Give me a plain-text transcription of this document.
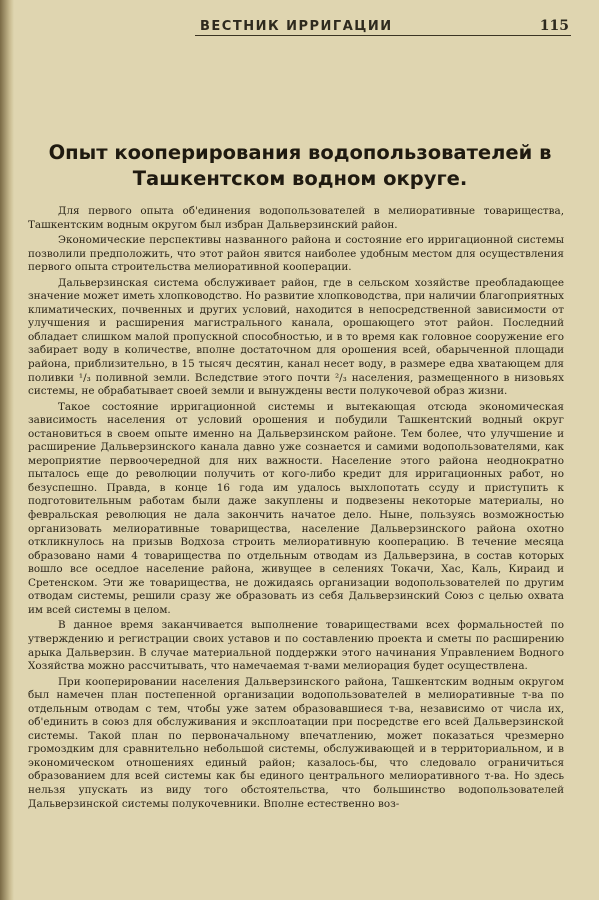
ВЕСТНИК ИРРИГАЦИИ	115
Опыт кооперирования водопользователей в Ташкентском водном округе.

Для первого опыта об'единения водопользователей в мелиоративные товарищества, Ташкентским водным округом был избран Дальверзинский район.

Экономические перспективы названного района и состояние его ирригационной системы позволили предположить, что этот район явится наиболее удобным местом для осуществления первого опыта строительства мелиоративной кооперации.

Дальверзинская система обслуживает район, где в сельском хозяйстве преобладающее значение может иметь хлопководство. Но развитие хлопководства, при наличии благоприятных климатических, почвенных и других условий, находится в непосредственной зависимости от улучшения и расширения магистрального канала, орошающего этот район. Последний обладает слишком малой пропускной способностью, и в то время как головное сооружение его забирает воду в количестве, вполне достаточном для орошения всей, обарыченной площади района, приблизительно, в 15 тысяч десятин, канал несет воду, в размере едва хватающем для поливки ¹/₃ поливной земли. Вследствие этого почти ²/₃ населения, размещенного в низовьях системы, не обрабатывает своей земли и вынуждены вести полукочевой образ жизни.

Такое состояние ирригационной системы и вытекающая отсюда экономическая зависимость населения от условий орошения и побудили Ташкентский водный округ остановиться в своем опыте именно на Дальверзинском районе. Тем более, что улучшение и расширение Дальверзинского канала давно уже сознается и самими водопользователями, как мероприятие первоочередной для них важности. Население этого района неоднократно пыталось еще до революции получить от кого-либо кредит для ирригационных работ, но безуспешно. Правда, в конце 16 года им удалось выхлопотать ссуду и приступить к подготовительным работам были даже закуплены и подвезены некоторые материалы, но февральская революция не дала закончить начатое дело. Ныне, пользуясь возможностью организовать мелиоративные товарищества, население Дальверзинского района охотно откликнулось на призыв Водхоза строить мелиоративную кооперацию. В течение месяца образовано нами 4 товарищества по отдельным отводам из Дальверзина, в состав которых вошло все оседлое население района, живущее в селениях Токачи, Хас, Каль, Кираид и Сретенском. Эти же товарищества, не дожидаясь организации водопользователей по другим отводам системы, решили сразу же образовать из себя Дальверзинский Союз с целью охвата им всей системы в целом.

В данное время заканчивается выполнение товариществами всех формальностей по утверждению и регистрации своих уставов и по составлению проекта и сметы по расширению арыка Дальверзин. В случае материальной поддержки этого начинания Управлением Водного Хозяйства можно рассчитывать, что намечаемая т-вами мелиорация будет осуществлена.

При кооперировании населения Дальверзинского района, Ташкентским водным округом был намечен план постепенной организации водопользователей в мелиоративные т-ва по отдельным отводам с тем, чтобы уже затем образовавшиеся т-ва, независимо от числа их, об'единить в союз для обслуживания и эксплоатации при посредстве его всей Дальверзинской системы. Такой план по первоначальному впечатлению, может показаться чрезмерно громоздким для сравнительно небольшой системы, обслуживающей и в территориальном, и в экономическом отношениях единый район; казалось-бы, что следовало ограничиться образованием для всей системы как бы единого центрального мелиоративного т-ва. Но здесь нельзя упускать из виду того обстоятельства, что большинство водопользователей Дальверзинской системы полукочевники. Вполне естественно воз-
